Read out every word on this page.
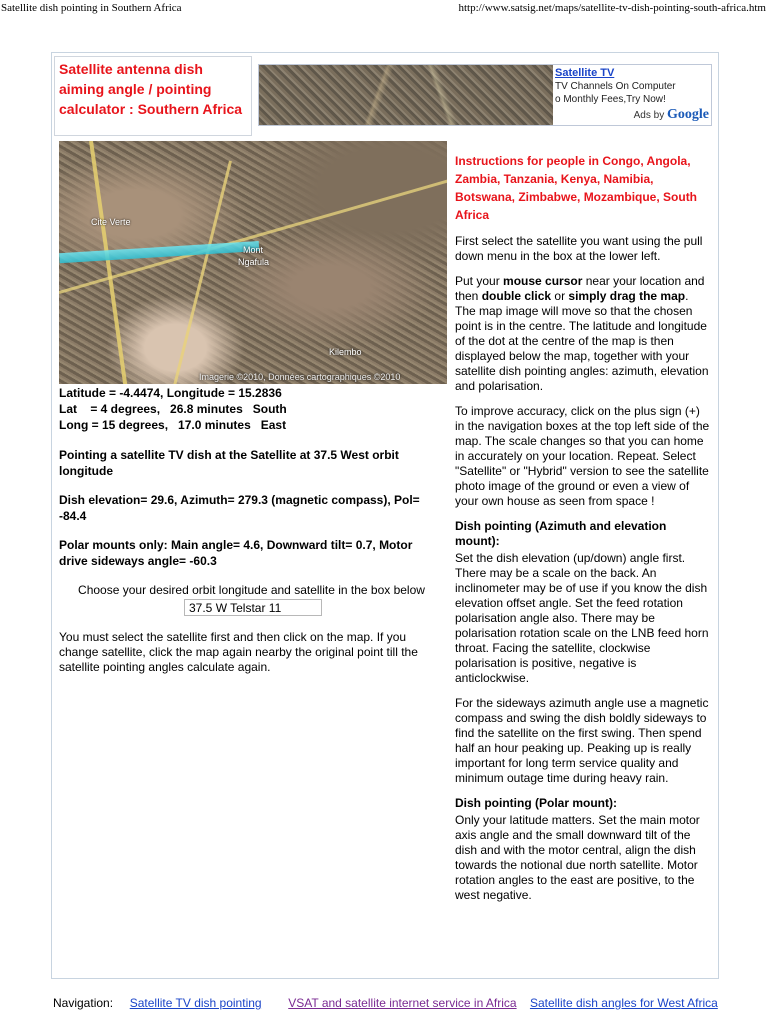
Satellite dish pointing in Southern Africa	http://www.satsig.net/maps/satellite-tv-dish-pointing-south-africa.htm
Satellite antenna dish aiming angle / pointing calculator : Southern Africa
Satellite TV
TV Channels On Computer
o Monthly Fees,Try Now!
Ads by Google
Cite Verte
Mont
Ngafula
Kilembo
Imagerie ©2010, Données cartographiques ©2010

Latitude = -4.4474, Longitude = 15.2836

Lat    = 4 degrees,   26.8 minutes   South

Long = 15 degrees,   17.0 minutes   East

Pointing a satellite TV dish at the Satellite at 37.5 West orbit longitude
Dish elevation= 29.6, Azimuth= 279.3 (magnetic compass), Pol= -84.4
Polar mounts only: Main angle= 4.6, Downward tilt= 0.7, Motor drive sideways angle= -60.3
Choose your desired orbit longitude and satellite in the box below
37.5 W Telstar 11
You must select the satellite first and then click on the map. If you change satellite, click the map again nearby the original point till the satellite pointing angles calculate again.
Instructions for people in Congo, Angola, Zambia, Tanzania, Kenya, Namibia, Botswana, Zimbabwe, Mozambique, South Africa

First select the satellite you want using the pull down menu in the box at the lower left.

Put your mouse cursor near your location and then double click or simply drag the map. The map image will move so that the chosen point is in the centre. The latitude and longitude of the dot at the centre of the map is then displayed below the map, together with your satellite dish pointing angles: azimuth, elevation and polarisation.

To improve accuracy, click on the plus sign (+) in the navigation boxes at the top left side of the map. The scale changes so that you can home in accurately on your location. Repeat. Select "Satellite" or "Hybrid" version to see the satellite photo image of the ground or even a view of your own house as seen from space !

Dish pointing (Azimuth and elevation mount):

Set the dish elevation (up/down) angle first. There may be a scale on the back. An inclinometer may be of use if you know the dish elevation offset angle. Set the feed rotation polarisation angle also. There may be polarisation rotation scale on the LNB feed horn throat. Facing the satellite, clockwise polarisation is positive, negative is anticlockwise.

For the sideways azimuth angle use a magnetic compass and swing the dish boldly sideways to find the satellite on the first swing. Then spend half an hour peaking up. Peaking up is really important for long term service quality and minimum outage time during heavy rain.

Dish pointing (Polar mount):

Only your latitude matters. Set the main motor axis angle and the small downward tilt of the dish and with the motor central, align the dish towards the notional due north satellite. Motor rotation angles to the east are positive, to the west negative.

Navigation: Satellite TV dish pointing VSAT and satellite internet service in Africa Satellite dish angles for West Africa
